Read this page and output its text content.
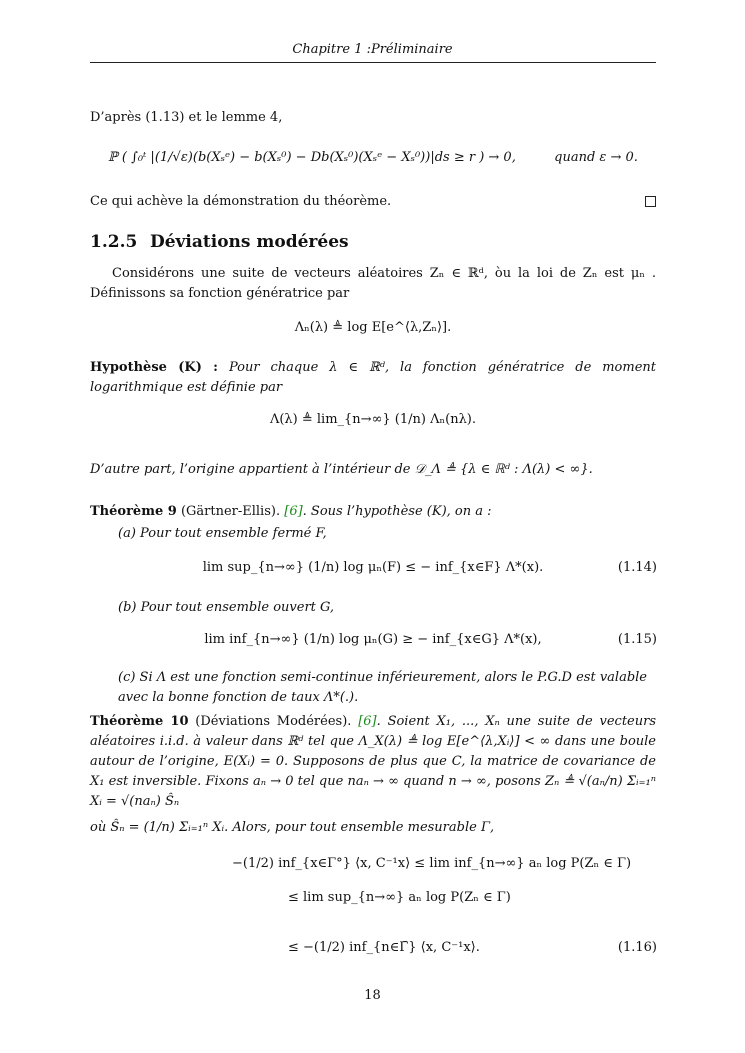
Chapitre 1 :Préliminaire
D’après (1.13) et le lemme 4,
ℙ ( ∫₀ᵗ |(1/√ε)(b(Xₛᵉ) − b(Xₛ⁰) − Db(Xₛ⁰)(Xₛᵉ − Xₛ⁰))|ds ≥ r ) → 0,	quand ε → 0.
Ce qui achève la démonstration du théorème.
1.2.5 Déviations modérées
Considérons une suite de vecteurs aléatoires Zₙ ∈ ℝᵈ, òu la loi de Zₙ est μₙ . Définissons sa fonction génératrice par
Λₙ(λ) ≜ log E[e^⟨λ,Zₙ⟩].
Hypothèse (K) : Pour chaque λ ∈ ℝᵈ, la fonction génératrice de moment logarithmique est définie par
Λ(λ) ≜ lim_{n→∞} (1/n) Λₙ(nλ).
D’autre part, l’origine appartient à l’intérieur de 𝒟_Λ ≜ {λ ∈ ℝᵈ : Λ(λ) < ∞}.
Théorème 9 (Gärtner-Ellis). [6]. Sous l’hypothèse (K), on a :
(a) Pour tout ensemble fermé F,
lim sup_{n→∞} (1/n) log μₙ(F) ≤ − inf_{x∈F} Λ*(x).	(1.14)
(b) Pour tout ensemble ouvert G,
lim inf_{n→∞} (1/n) log μₙ(G) ≥ − inf_{x∈G} Λ*(x),	(1.15)
(c) Si Λ est une fonction semi-continue inférieurement, alors le P.G.D est valable avec la bonne fonction de taux Λ*(.).
Théorème 10 (Déviations Modérées). [6]. Soient X₁, ..., Xₙ une suite de vecteurs aléatoires i.i.d. à valeur dans ℝᵈ tel que Λ_X(λ) ≜ log E[e^⟨λ,Xᵢ⟩] < ∞ dans une boule autour de l’origine, E(Xᵢ) = 0. Supposons de plus que C, la matrice de covariance de X₁ est inversible. Fixons aₙ → 0 tel que naₙ → ∞ quand n → ∞, posons Zₙ ≜ √(aₙ/n) Σᵢ₌₁ⁿ Xᵢ = √(naₙ) Ŝₙ
où Ŝₙ = (1/n) Σᵢ₌₁ⁿ Xᵢ. Alors, pour tout ensemble mesurable Γ,
−(1/2) inf_{x∈Γ°} ⟨x, C⁻¹x⟩ ≤ lim inf_{n→∞} aₙ log P(Zₙ ∈ Γ)
≤ lim sup_{n→∞} aₙ log P(Zₙ ∈ Γ)
≤ −(1/2) inf_{n∈Γ̄} ⟨x, C⁻¹x⟩.	(1.16)
18
